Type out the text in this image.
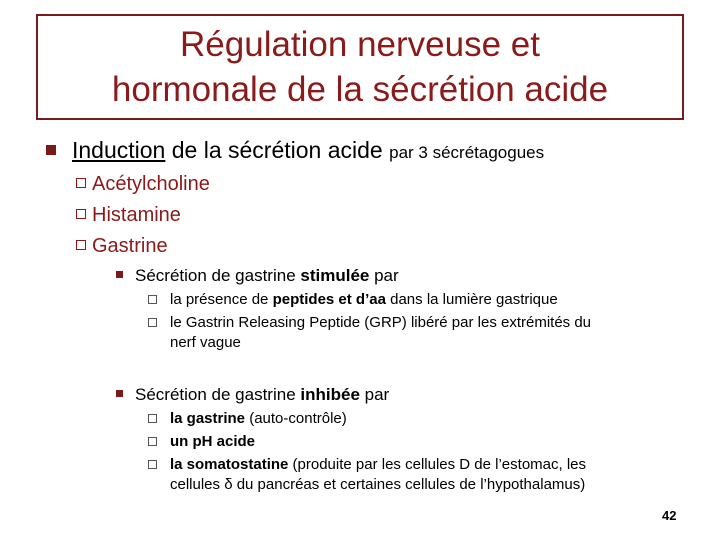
Régulation nerveuse et
hormonale de la sécrétion acide
Induction de la sécrétion acide par 3 sécrétagogues
Acétylcholine
Histamine
Gastrine
Sécrétion de gastrine stimulée par
la présence de peptides et d’aa dans la lumière gastrique
le Gastrin Releasing Peptide (GRP) libéré par les extrémités du
nerf vague
Sécrétion de gastrine inhibée par
la gastrine (auto-contrôle)
un pH acide
la somatostatine (produite par les cellules D de l’estomac, les
cellules δ du pancréas et certaines cellules de l’hypothalamus)
42
